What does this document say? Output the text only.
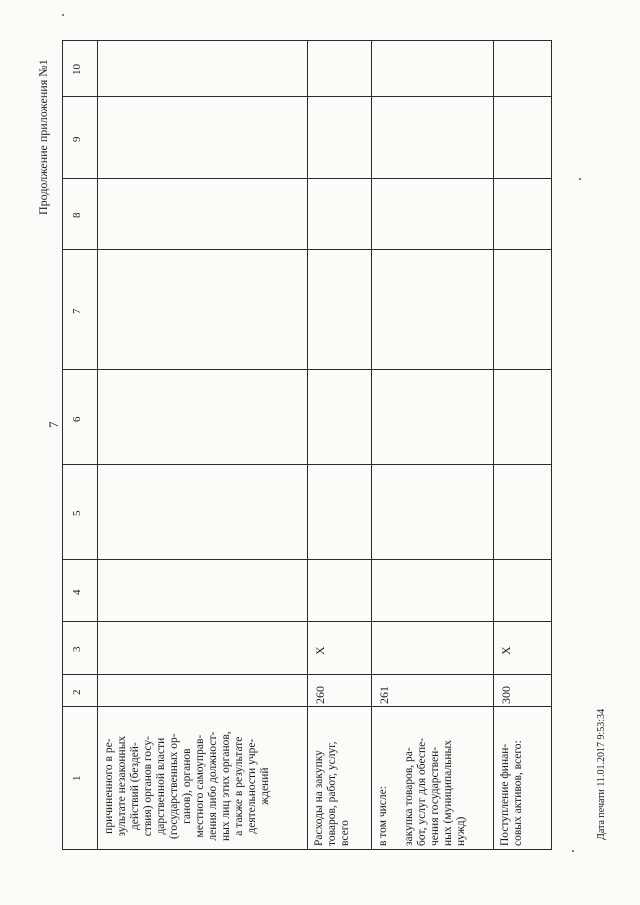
7
Продолжение приложения №1 10
9
8
7
6
5
4
3
2
1 причиненного в ре-
зультате незаконных
действий (бездей-
ствия) органов госу-
дарственной власти
(государственных ор-
ганов), органов
местного самоуправ-
ления либо должност-
ных лиц этих органов,
а также в результате
деятельности учре-
ждений
Расходы на закупку
товаров, работ, услуг,
всего
260
X
в том числе:

закупка товаров, ра-
бот, услуг для обеспе-
чения государствен-
ных (муниципальных
нужд)
261
Поступление финан-
совых активов, всего:
300
X
Дата печати 11.01.2017 9:53:34
